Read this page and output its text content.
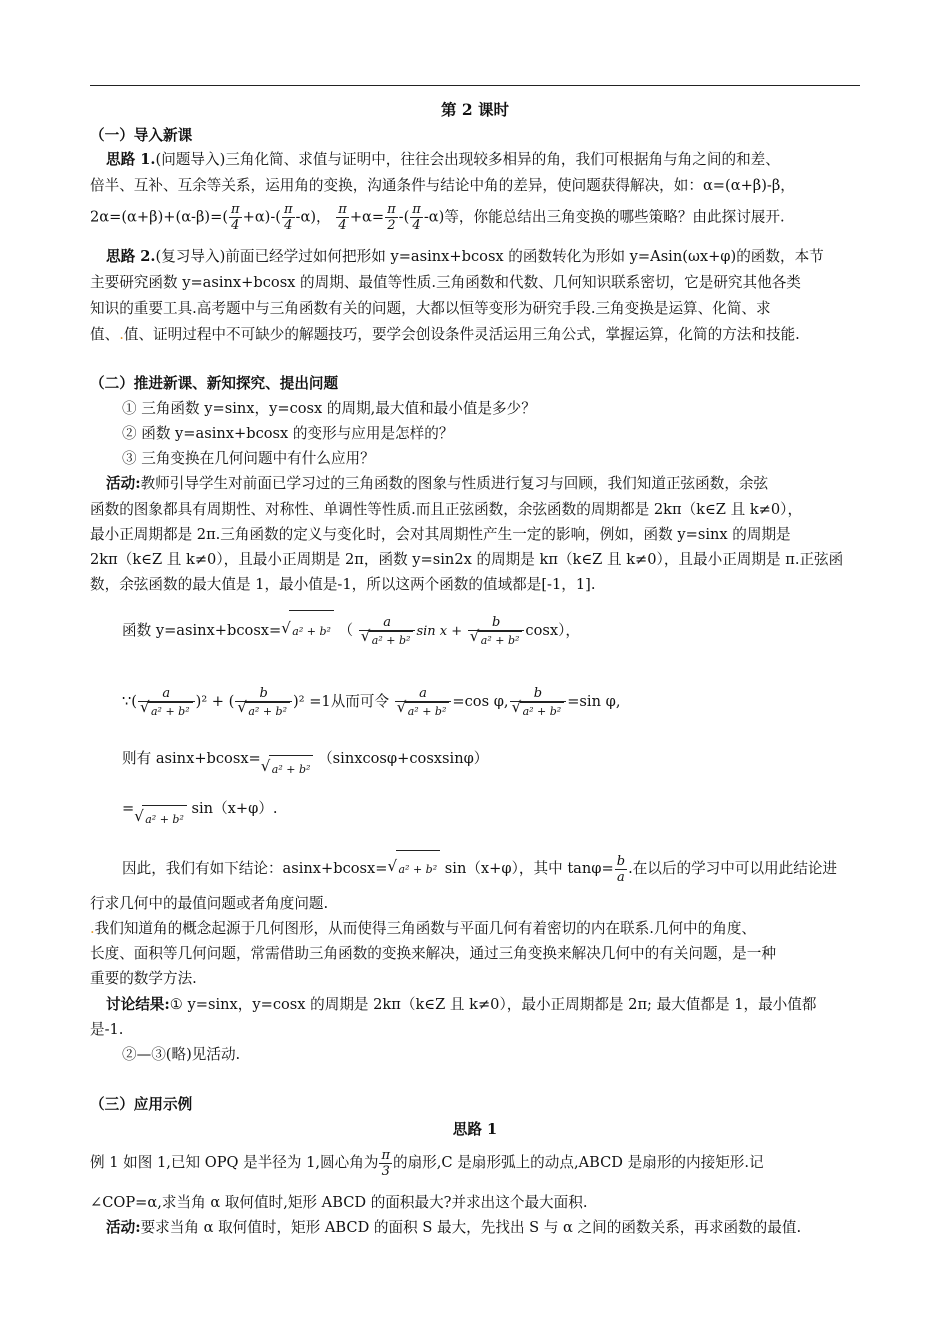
第 2 课时
（一）导入新课
思路 1.(问题导入)三角化简、求值与证明中，往往会出现较多相异的角，我们可根据角与角之间的和差、
倍半、互补、互余等关系，运用角的变换，沟通条件与结论中角的差异，使问题获得解决，如：α=(α+β)-β，
$2\alpha=(\alpha+\beta)+(\alpha-\beta)=( \frac{\pi}{4} +\alpha)-( \frac{\pi}{4} -\alpha)$， $\frac{\pi}{4} +\alpha= \frac{\pi}{2}$ -( $\frac{\pi}{4} -\alpha$)等，你能总结出三角变换的哪些策略？由此探讨展开.
思路 2.(复习导入)前面已经学过如何把形如 y=asinx+bcosx 的函数转化为形如 y=Asin(ωx+φ)的函数，本节
主要研究函数 y=asinx+bcosx 的周期、最值等性质.三角函数和代数、几何知识联系密切，它是研究其他各类
知识的重要工具.高考题中与三角函数有关的问题，大都以恒等变形为研究手段.三角变换是运算、化简、求
值、.值、证明过程中不可缺少的解题技巧，要学会创设条件灵活运用三角公式，掌握运算，化简的方法和技能.
（二）推进新课、新知探究、提出问题
① 三角函数 y=sinx，y=cosx 的周期,最大值和最小值是多少？
② 函数 y=asinx+bcosx 的变形与应用是怎样的？
③ 三角变换在几何问题中有什么应用？
活动:教师引导学生对前面已学习过的三角函数的图象与性质进行复习与回顾，我们知道正弦函数，余弦
函数的图象都具有周期性、对称性、单调性等性质.而且正弦函数，余弦函数的周期都是 2kπ（k∈Z 且 k≠0），
最小正周期都是 2π.三角函数的定义与变化时，会对其周期性产生一定的影响，例如，函数 y=sinx 的周期是
2kπ（k∈Z 且 k≠0），且最小正周期是 2π，函数 y=sin2x 的周期是 kπ（k∈Z 且 k≠0），且最小正周期是 π.正弦函
数，余弦函数的最大值是 1，最小值是-1，所以这两个函数的值域都是[-1，1].
函数 y=asinx+bcosx= √ a² + b² （ a
√ a² + b² sin x + b
√ a² + b² cosx），
∵( a
√ a² + b² )² + ( b
√ a² + b² )² =1从而可令 a
√ a² + b² =cos φ, b
√ a² + b² =sin φ,
则有 asinx+bcosx=√ a² + b² （sinxcosφ+cosxsinφ）
=√ a² + b² sin（x+φ）.
因此，我们有如下结论：asinx+bcosx= √ a² + b² sin（x+φ），其中 $\tan\varphi= \frac{b}{a}$ .在以后的学习中可以用此结论进
行求几何中的最值问题或者角度问题.
.我们知道角的概念起源于几何图形，从而使得三角函数与平面几何有着密切的内在联系.几何中的角度、
长度、面积等几何问题，常需借助三角函数的变换来解决，通过三角变换来解决几何中的有关问题，是一种
重要的数学方法.
讨论结果:① y=sinx，y=cosx 的周期是 2kπ（k∈Z 且 k≠0），最小正周期都是 2π; 最大值都是 1，最小值都
是-1.
②—③(略)见活动.
（三）应用示例
思路 1
例 1 如图 1,已知 OPQ 是半径为 1,圆心角为 $\frac{\pi}{3}$ 的扇形,C 是扇形弧上的动点,ABCD 是扇形的内接矩形.记
∠COP=α,求当角 α 取何值时,矩形 ABCD 的面积最大?并求出这个最大面积.
活动:要求当角 α 取何值时，矩形 ABCD 的面积 S 最大，先找出 S 与 α 之间的函数关系，再求函数的最值.
